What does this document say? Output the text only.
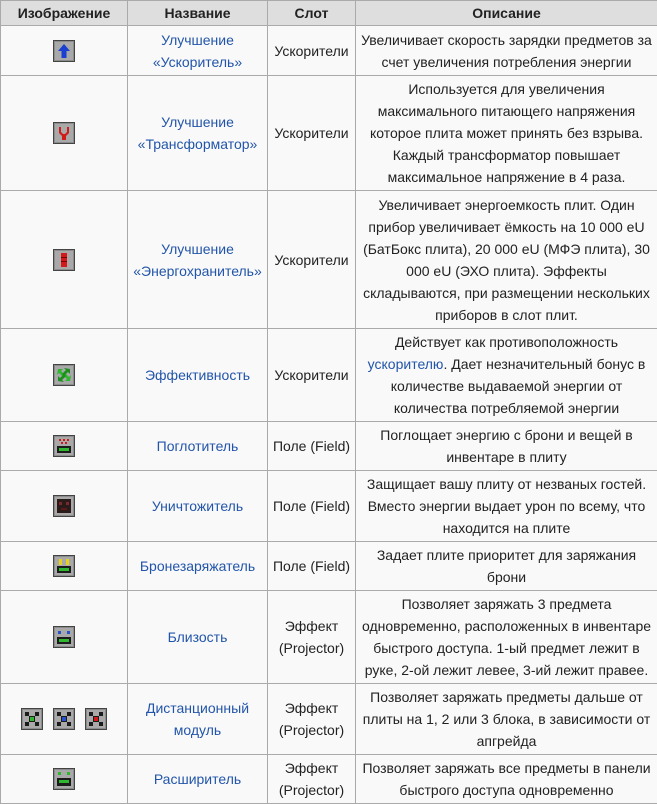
Изображение	Название	Слот	Описание

	Улучшение «Ускоритель»	Ускорители	Увеличивает скорость зарядки предметов за счет увеличения потребления энергии

	Улучшение «Трансформатор»	Ускорители	Используется для увеличения максимального питающего напряжения которое плита может принять без взрыва. Каждый трансформатор повышает максимальное напряжение в 4 раза.

	Улучшение «Энергохранитель»	Ускорители	Увеличивает энергоемкость плит. Один прибор увеличивает ёмкость на 10 000 eU (БатБокс плита), 20 000 eU (МФЭ плита), 30 000 eU (ЭХО плита). Эффекты складываются, при размещении нескольких приборов в слот плит.

	Эффективность	Ускорители	Действует как противоположность ускорителю. Дает незначительный бонус в количестве выдаваемой энергии от количества потребляемой энергии

	Поглотитель	Поле (Field)	Поглощает энергию с брони и вещей в инвентаре в плиту

	Уничтожитель	Поле (Field)	Защищает вашу плиту от незваных гостей. Вместо энергии выдает урон по всему, что находится на плите

	Бронезаряжатель	Поле (Field)	Задает плите приоритет для заряжания брони

	Близость	Эффект (Projector)	Позволяет заряжать 3 предмета одновременно, расположенных в инвентаре быстрого доступа. 1-ый предмет лежит в руке, 2-ой лежит левее, 3-ий лежит правее.

	Дистанционный модуль	Эффект (Projector)	Позволяет заряжать предметы дальше от плиты на 1, 2 или 3 блока, в зависимости от апгрейда

	Расширитель	Эффект (Projector)	Позволяет заряжать все предметы в панели быстрого доступа одновременно
